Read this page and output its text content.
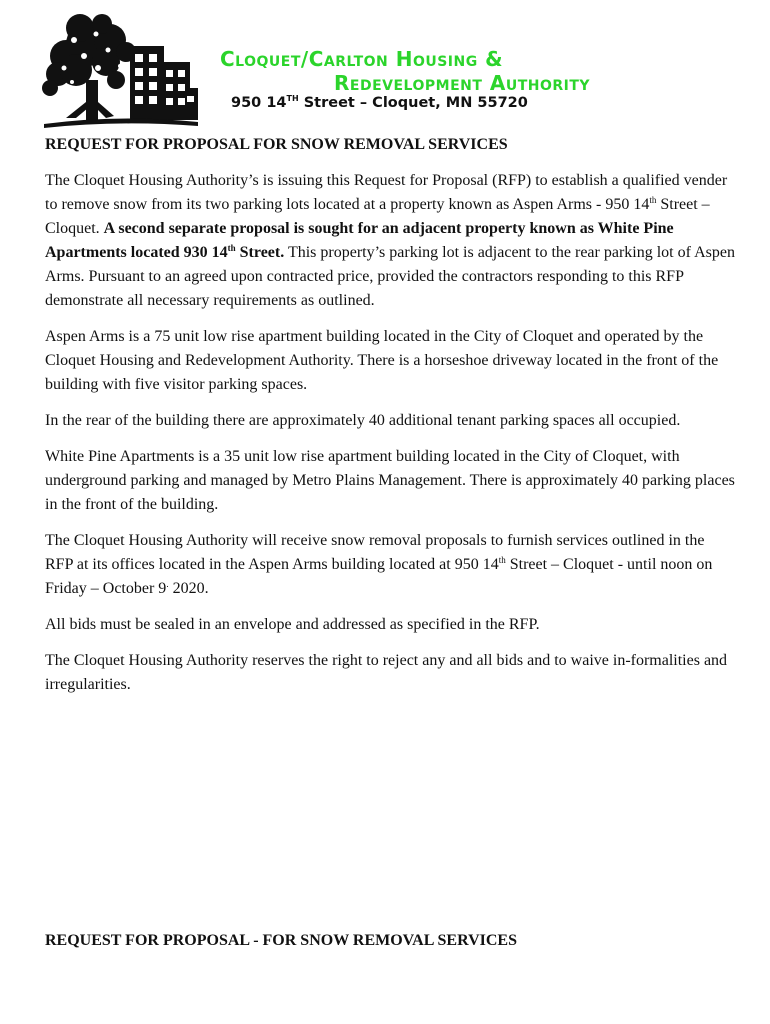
Cloquet/Carlton Housing &
Redevelopment Authority
950 14TH Street – Cloquet, MN 55720
REQUEST FOR PROPOSAL FOR SNOW REMOVAL SERVICES

The Cloquet Housing Authority’s is issuing this Request for Proposal (RFP) to establish a qualified vender to remove snow from its two parking lots located at a property known as Aspen Arms - 950 14th Street – Cloquet. A second separate proposal is sought for an adjacent property known as White Pine Apartments located 930 14th Street. This property’s parking lot is adjacent to the rear parking lot of Aspen Arms. Pursuant to an agreed upon contracted price, provided the contractors responding to this RFP demonstrate all necessary requirements as outlined.

Aspen Arms is a 75 unit low rise apartment building located in the City of Cloquet and operated by the Cloquet Housing and Redevelopment Authority. There is a horseshoe driveway located in the front of the building with five visitor parking spaces.

In the rear of the building there are approximately 40 additional tenant parking spaces all occupied.

White Pine Apartments is a 35 unit low rise apartment building located in the City of Cloquet, with underground parking and managed by Metro Plains Management. There is approximately 40 parking places in the front of the building.

The Cloquet Housing Authority will receive snow removal proposals to furnish services outlined in the RFP at its offices located in the Aspen Arms building located at 950 14th Street – Cloquet - until noon on Friday – October 9. 2020.

All bids must be sealed in an envelope and addressed as specified in the RFP.

The Cloquet Housing Authority reserves the right to reject any and all bids and to waive in-formalities and irregularities.

REQUEST FOR PROPOSAL - FOR SNOW REMOVAL SERVICES
